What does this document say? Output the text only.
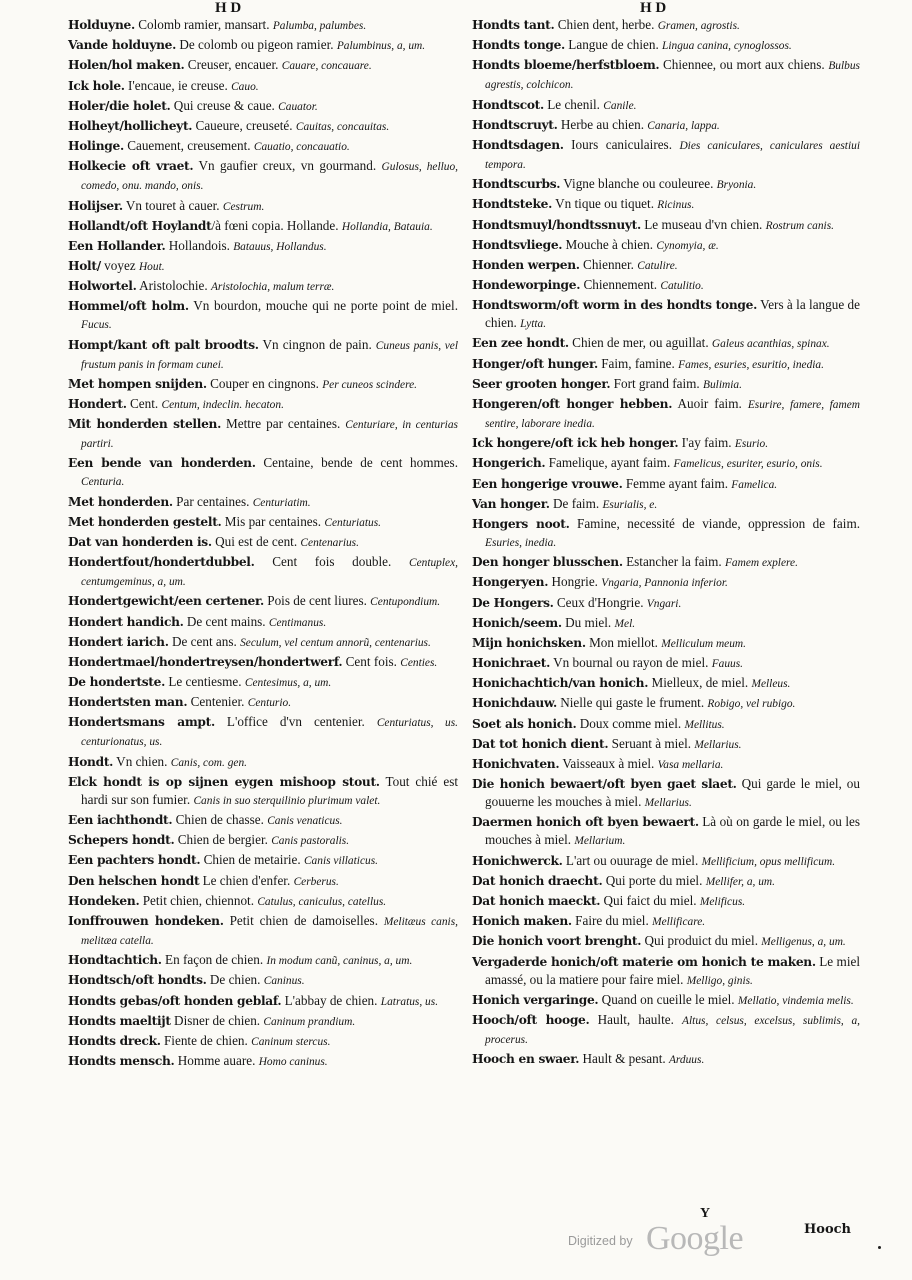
H D	H D

Holduyne. Colomb ramier, mansart. Palumba, palumbes.

Vande holduyne. De colomb ou pigeon ramier. Palumbinus, a, um.

Holen/hol maken. Creuser, encauer. Cauare, concauare.

Ick hole. I'encaue, ie creuse. Cauo.

Holer/die holet. Qui creuse & caue. Cauator.

Holheyt/hollicheyt. Caueure, creuseté. Cauitas, concauitas.

Holinge. Cauement, creusement. Cauatio, concauatio.

Holkecie oft vraet. Vn gaufier creux, vn gourmand. Gulosus, helluo, comedo, onu. mando, onis.

Holijser. Vn touret à cauer. Cestrum.

Hollandt/oft Hoylandt/à fœni copia. Hollande. Hollandia, Batauia.

Een Hollander. Hollandois. Batauus, Hollandus.

Holt/ voyez Hout.

Holwortel. Aristolochie. Aristolochia, malum terræ.

Hommel/oft holm. Vn bourdon, mouche qui ne porte point de miel. Fucus.

Hompt/kant oft palt broodts. Vn cingnon de pain. Cuneus panis, vel frustum panis in formam cunei.

Met hompen snijden. Couper en cingnons. Per cuneos scindere.

Hondert. Cent. Centum, indeclin. hecaton.

Mit honderden stellen. Mettre par centaines. Centuriare, in centurias partiri.

Een bende van honderden. Centaine, bende de cent hommes. Centuria.

Met honderden. Par centaines. Centuriatim.

Met honderden gestelt. Mis par centaines. Centuriatus.

Dat van honderden is. Qui est de cent. Centenarius.

Hondertfout/hondertdubbel. Cent fois double. Centuplex, centumgeminus, a, um.

Hondertgewicht/een certener. Pois de cent liures. Centupondium.

Hondert handich. De cent mains. Centimanus.

Hondert iarich. De cent ans. Seculum, vel centum annorũ, centenarius.

Hondertmael/hondertreysen/hondertwerf. Cent fois. Centies.

De hondertste. Le centiesme. Centesimus, a, um.

Hondertsten man. Centenier. Centurio.

Hondertsmans ampt. L'office d'vn centenier. Centuriatus, us. centurionatus, us.

Hondt. Vn chien. Canis, com. gen.

Elck hondt is op sijnen eygen mishoop stout. Tout chié est hardi sur son fumier. Canis in suo sterquilinio plurimum valet.

Een iachthondt. Chien de chasse. Canis venaticus.

Schepers hondt. Chien de bergier. Canis pastoralis.

Een pachters hondt. Chien de metairie. Canis villaticus.

Den helschen hondt Le chien d'enfer. Cerberus.

Hondeken. Petit chien, chiennot. Catulus, caniculus, catellus.

Ionffrouwen hondeken. Petit chien de damoiselles. Melitæus canis, melitæa catella.

Hondtachtich. En façon de chien. In modum canũ, caninus, a, um.

Hondtsch/oft hondts. De chien. Caninus.

Hondts gebas/oft honden geblaf. L'abbay de chien. Latratus, us.

Hondts maeltijt Disner de chien. Caninum prandium.

Hondts dreck. Fiente de chien. Caninum stercus.

Hondts mensch. Homme auare. Homo caninus.

Hondts tant. Chien dent, herbe. Gramen, agrostis.

Hondts tonge. Langue de chien. Lingua canina, cynoglossos.

Hondts bloeme/herfstbloem. Chiennee, ou mort aux chiens. Bulbus agrestis, colchicon.

Hondtscot. Le chenil. Canile.

Hondtscruyt. Herbe au chien. Canaria, lappa.

Hondtsdagen. Iours caniculaires. Dies caniculares, caniculares aestiui tempora.

Hondtscurbs. Vigne blanche ou couleuree. Bryonia.

Hondtsteke. Vn tique ou tiquet. Ricinus.

Hondtsmuyl/hondtssnuyt. Le museau d'vn chien. Rostrum canis.

Hondtsvliege. Mouche à chien. Cynomyia, æ.

Honden werpen. Chienner. Catulire.

Hondeworpinge. Chiennement. Catulitio.

Hondtsworm/oft worm in des hondts tonge. Vers à la langue de chien. Lytta.

Een zee hondt. Chien de mer, ou aguillat. Galeus acanthias, spinax.

Honger/oft hunger. Faim, famine. Fames, esuries, esuritio, inedia.

Seer grooten honger. Fort grand faim. Bulimia.

Hongeren/oft honger hebben. Auoir faim. Esurire, famere, famem sentire, laborare inedia.

Ick hongere/oft ick heb honger. I'ay faim. Esurio.

Hongerich. Famelique, ayant faim. Famelicus, esuriter, esurio, onis.

Een hongerige vrouwe. Femme ayant faim. Famelica.

Van honger. De faim. Esurialis, e.

Hongers noot. Famine, necessité de viande, oppression de faim. Esuries, inedia.

Den honger blusschen. Estancher la faim. Famem explere.

Hongeryen. Hongrie. Vngaria, Pannonia inferior.

De Hongers. Ceux d'Hongrie. Vngari.

Honich/seem. Du miel. Mel.

Mijn honichsken. Mon miellot. Melliculum meum.

Honichraet. Vn bournal ou rayon de miel. Fauus.

Honichachtich/van honich. Mielleux, de miel. Melleus.

Honichdauw. Nielle qui gaste le frument. Robigo, vel rubigo.

Soet als honich. Doux comme miel. Mellitus.

Dat tot honich dient. Seruant à miel. Mellarius.

Honichvaten. Vaisseaux à miel. Vasa mellaria.

Die honich bewaert/oft byen gaet slaet. Qui garde le miel, ou gouuerne les mouches à miel. Mellarius.

Daermen honich oft byen bewaert. Là où on garde le miel, ou les mouches à miel. Mellarium.

Honichwerck. L'art ou ouurage de miel. Mellificium, opus mellificum.

Dat honich draecht. Qui porte du miel. Mellifer, a, um.

Dat honich maeckt. Qui faict du miel. Melificus.

Honich maken. Faire du miel. Mellificare.

Die honich voort brenght. Qui produict du miel. Melligenus, a, um.

Vergaderde honich/oft materie om honich te maken. Le miel amassé, ou la matiere pour faire miel. Melligo, ginis.

Honich vergaringe. Quand on cueille le miel. Mellatio, vindemia melis.

Hooch/oft hooge. Hault, haulte. Altus, celsus, excelsus, sublimis, a, procerus.

Hooch en swaer. Hault & pesant. Arduus.

Y
Hooch
Digitized by Google
